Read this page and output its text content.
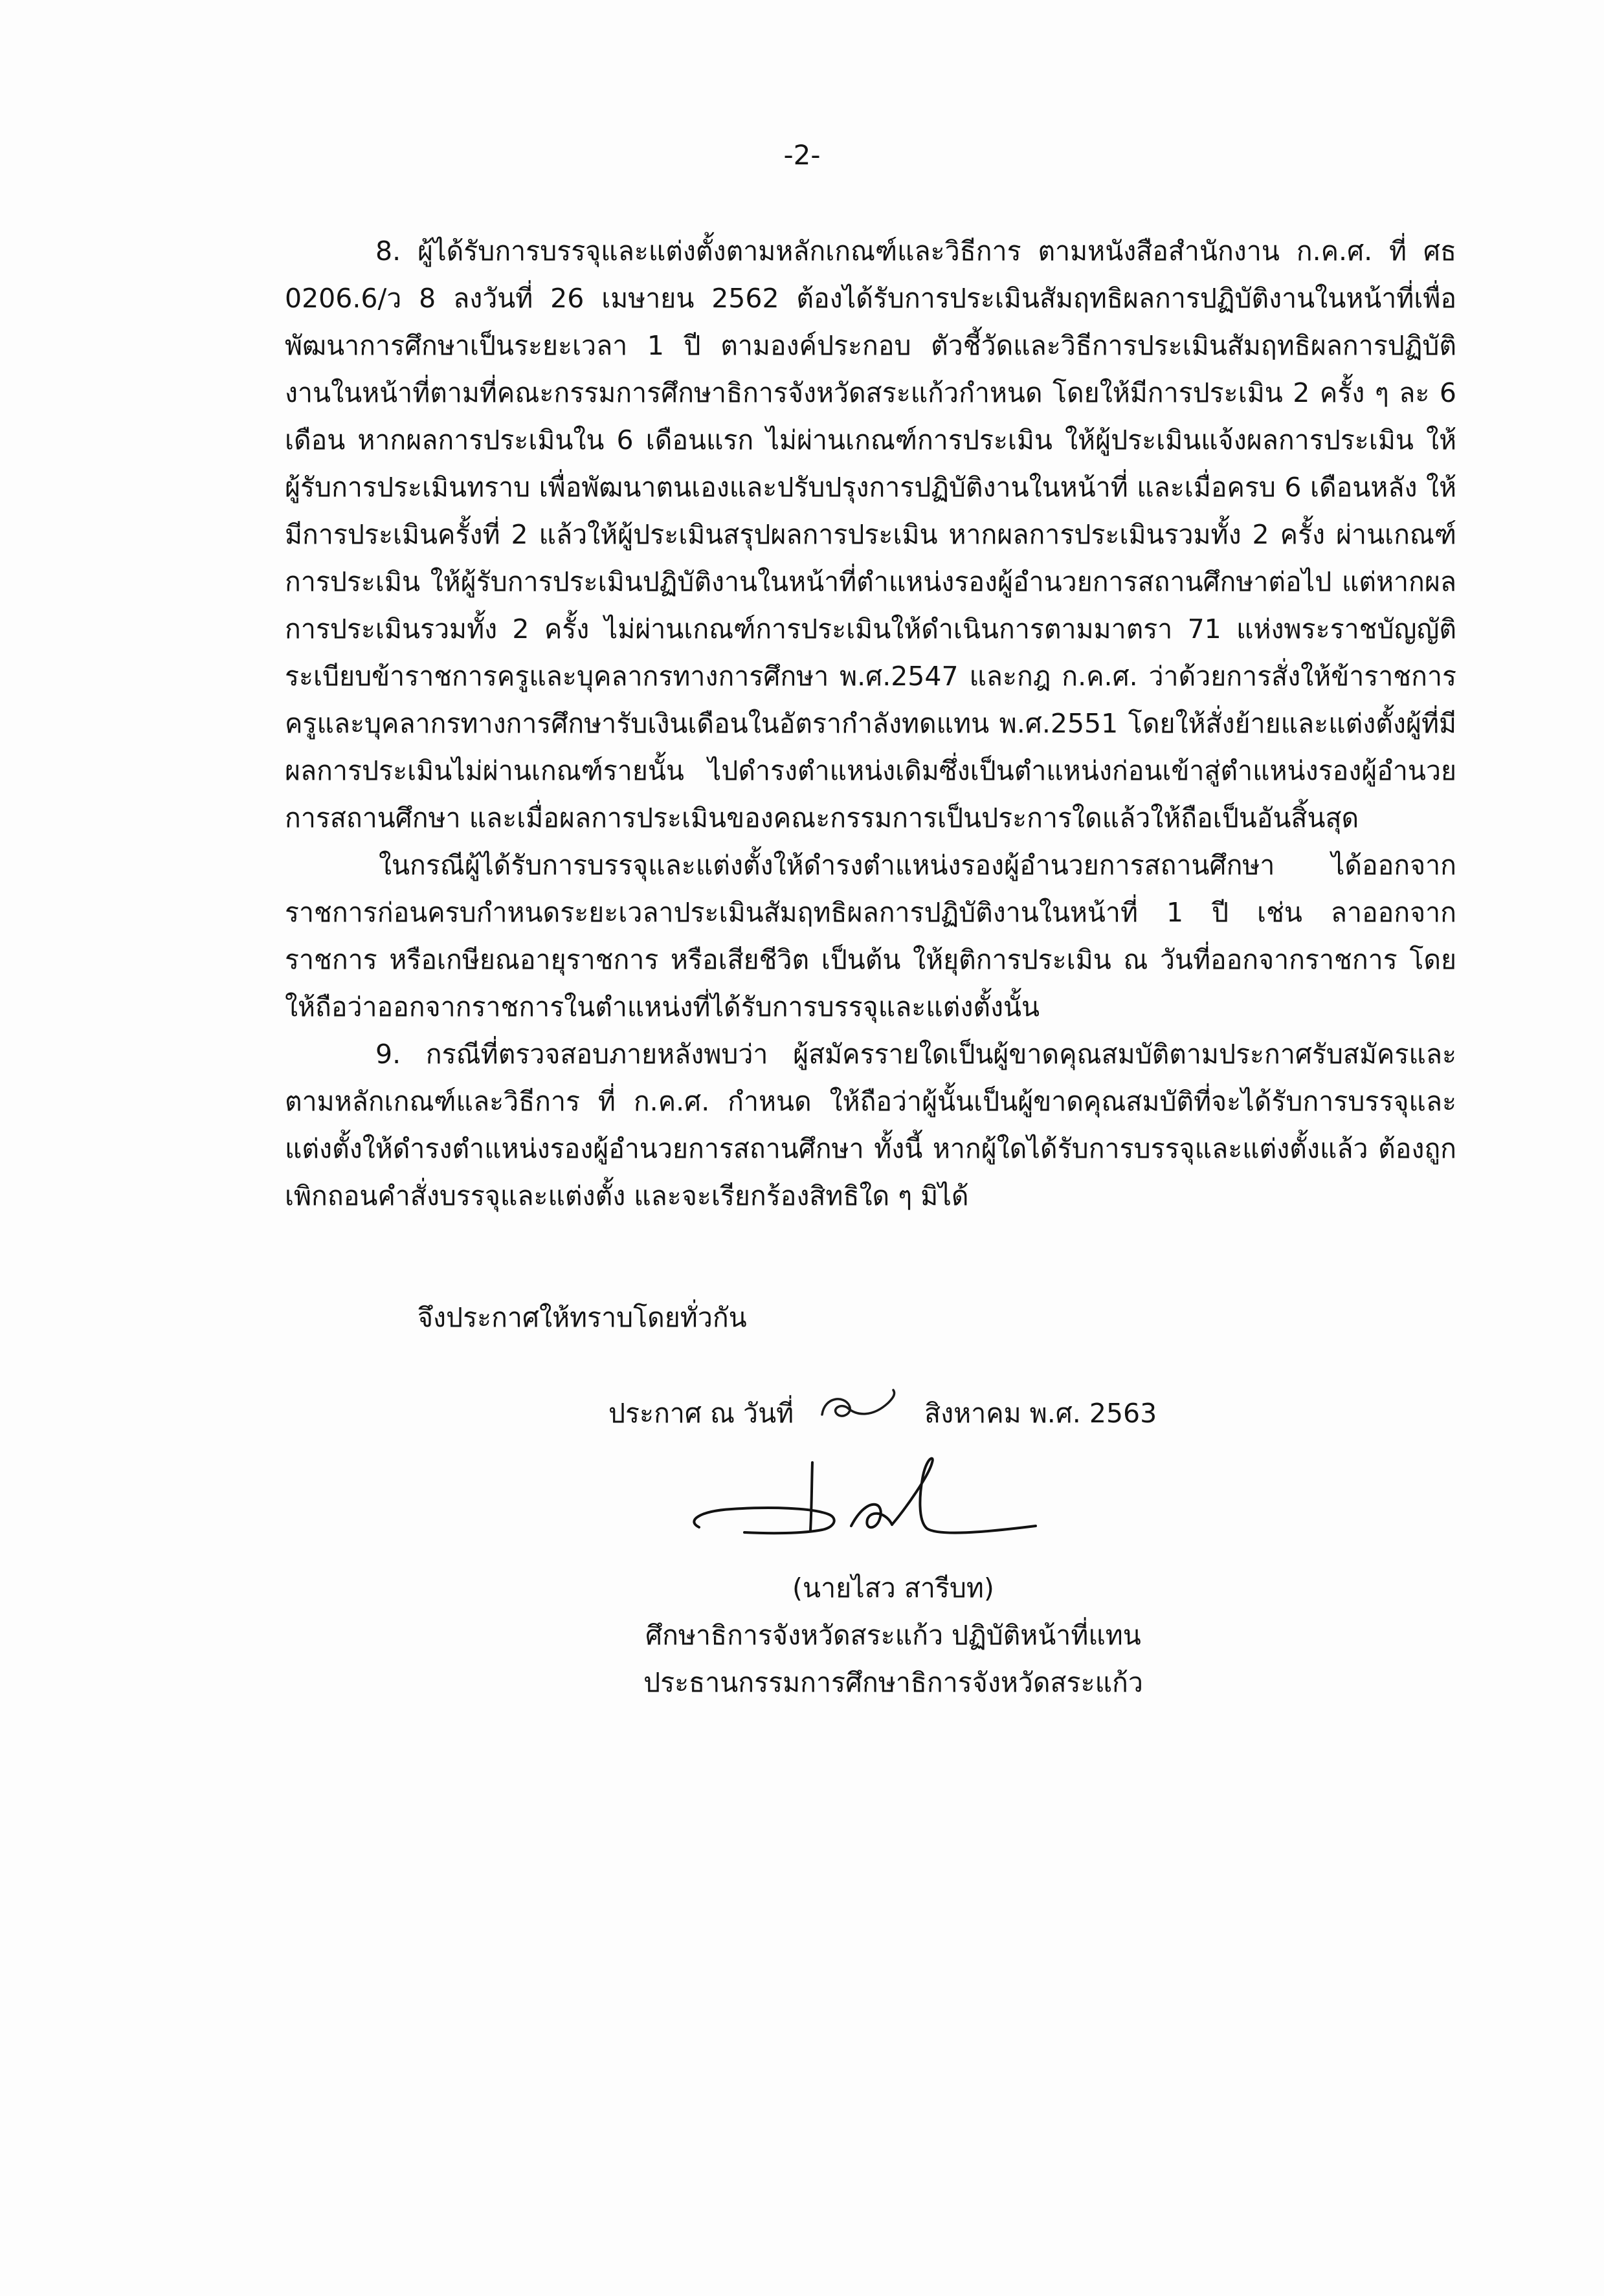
-2-

8. ผู้ได้รับการบรรจุและแต่งตั้งตามหลักเกณฑ์และวิธีการ ตามหนังสือสำนักงาน ก.ค.ศ. ที่ ศธ 0206.6/ว 8 ลงวันที่ 26 เมษายน 2562 ต้องได้รับการประเมินสัมฤทธิผลการปฏิบัติงานในหน้าที่เพื่อพัฒนาการศึกษาเป็นระยะเวลา 1 ปี ตามองค์ประกอบ ตัวชี้วัดและวิธีการประเมินสัมฤทธิผลการปฏิบัติงานในหน้าที่ตามที่คณะกรรมการศึกษาธิการจังหวัดสระแก้วกำหนด โดยให้มีการประเมิน 2 ครั้ง ๆ ละ 6 เดือน หากผลการประเมินใน 6 เดือนแรก ไม่ผ่านเกณฑ์การประเมิน ให้ผู้ประเมินแจ้งผลการประเมิน ให้ผู้รับการประเมินทราบ เพื่อพัฒนาตนเองและปรับปรุงการปฏิบัติงานในหน้าที่ และเมื่อครบ 6 เดือนหลัง ให้มีการประเมินครั้งที่ 2 แล้วให้ผู้ประเมินสรุปผลการประเมิน หากผลการประเมินรวมทั้ง 2 ครั้ง ผ่านเกณฑ์การประเมิน ให้ผู้รับการประเมินปฏิบัติงานในหน้าที่ตำแหน่งรองผู้อำนวยการสถานศึกษาต่อไป แต่หากผลการประเมินรวมทั้ง 2 ครั้ง ไม่ผ่านเกณฑ์การประเมินให้ดำเนินการตามมาตรา 71 แห่งพระราชบัญญัติระเบียบข้าราชการครูและบุคลากรทางการศึกษา พ.ศ.2547 และกฎ ก.ค.ศ. ว่าด้วยการสั่งให้ข้าราชการครูและบุคลากรทางการศึกษารับเงินเดือนในอัตรากำลังทดแทน พ.ศ.2551 โดยให้สั่งย้ายและแต่งตั้งผู้ที่มีผลการประเมินไม่ผ่านเกณฑ์รายนั้น ไปดำรงตำแหน่งเดิมซึ่งเป็นตำแหน่งก่อนเข้าสู่ตำแหน่งรองผู้อำนวยการสถานศึกษา และเมื่อผลการประเมินของคณะกรรมการเป็นประการใดแล้วให้ถือเป็นอันสิ้นสุด

ในกรณีผู้ได้รับการบรรจุและแต่งตั้งให้ดำรงตำแหน่งรองผู้อำนวยการสถานศึกษา ได้ออกจากราชการก่อนครบกำหนดระยะเวลาประเมินสัมฤทธิผลการปฏิบัติงานในหน้าที่ 1 ปี เช่น ลาออกจากราชการ หรือเกษียณอายุราชการ หรือเสียชีวิต เป็นต้น ให้ยุติการประเมิน ณ วันที่ออกจากราชการ โดยให้ถือว่าออกจากราชการในตำแหน่งที่ได้รับการบรรจุและแต่งตั้งนั้น

9. กรณีที่ตรวจสอบภายหลังพบว่า ผู้สมัครรายใดเป็นผู้ขาดคุณสมบัติตามประกาศรับสมัครและตามหลักเกณฑ์และวิธีการ ที่ ก.ค.ศ. กำหนด ให้ถือว่าผู้นั้นเป็นผู้ขาดคุณสมบัติที่จะได้รับการบรรจุและแต่งตั้งให้ดำรงตำแหน่งรองผู้อำนวยการสถานศึกษา ทั้งนี้ หากผู้ใดได้รับการบรรจุและแต่งตั้งแล้ว ต้องถูกเพิกถอนคำสั่งบรรจุและแต่งตั้ง และจะเรียกร้องสิทธิใด ๆ มิได้

จึงประกาศให้ทราบโดยทั่วกัน
ประกาศ ณ วันที่	สิงหาคม พ.ศ. 2563
(นายไสว สารีบท)
ศึกษาธิการจังหวัดสระแก้ว ปฏิบัติหน้าที่แทน
ประธานกรรมการศึกษาธิการจังหวัดสระแก้ว
